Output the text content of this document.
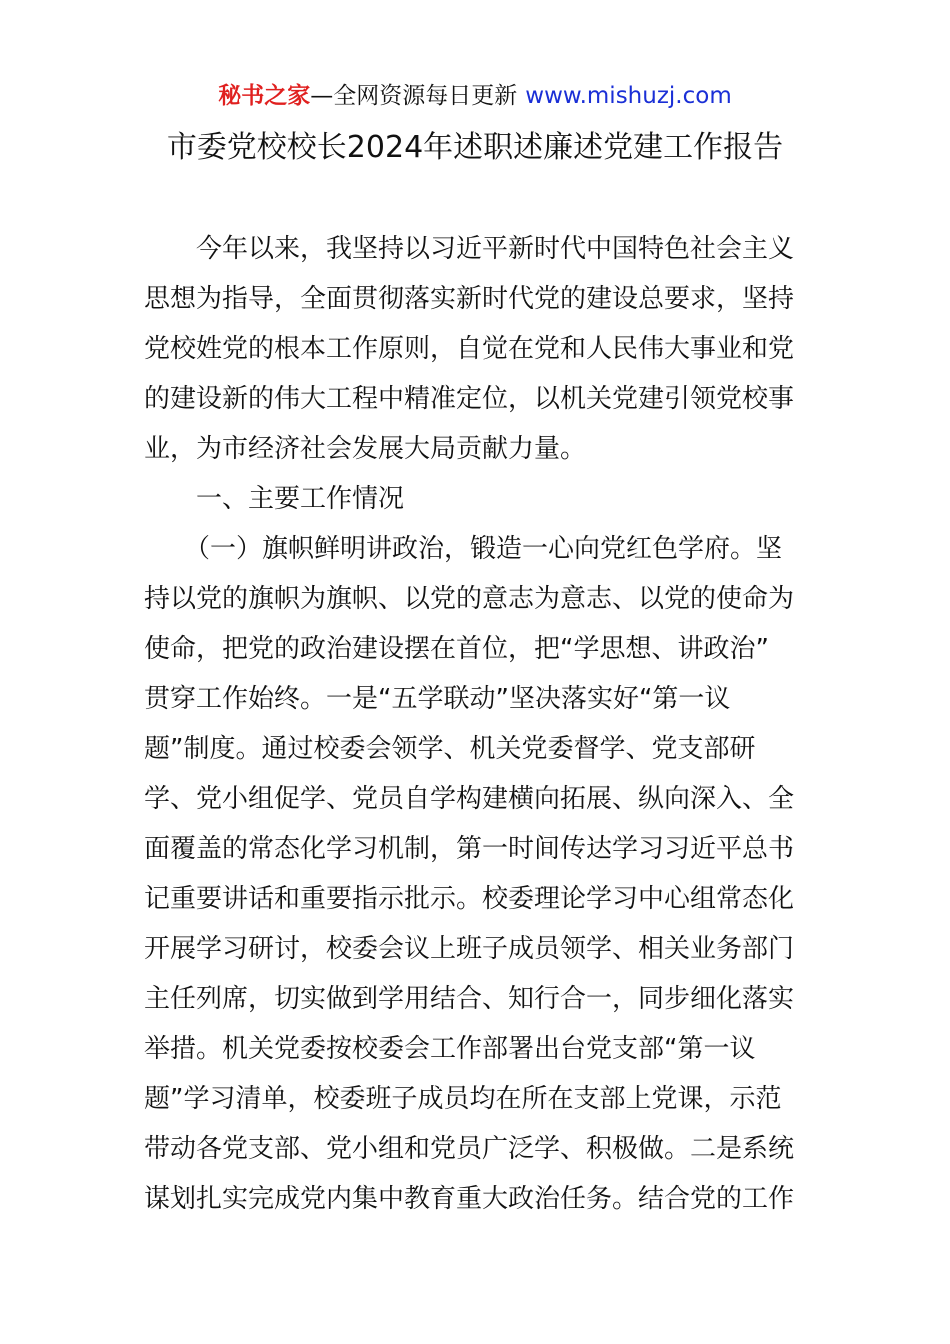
秘书之家—全网资源每日更新 www.mishuzj.com
市委党校校长2024年述职述廉述党建工作报告
今年以来，我坚持以习近平新时代中国特色社会主义
思想为指导，全面贯彻落实新时代党的建设总要求，坚持
党校姓党的根本工作原则，自觉在党和人民伟大事业和党
的建设新的伟大工程中精准定位，以机关党建引领党校事
业，为市经济社会发展大局贡献力量。
一、主要工作情况
（一）旗帜鲜明讲政治，锻造一心向党红色学府。坚
持以党的旗帜为旗帜、以党的意志为意志、以党的使命为
使命，把党的政治建设摆在首位，把“学思想、讲政治”
贯穿工作始终。一是“五学联动”坚决落实好“第一议
题”制度。通过校委会领学、机关党委督学、党支部研
学、党小组促学、党员自学构建横向拓展、纵向深入、全
面覆盖的常态化学习机制，第一时间传达学习习近平总书
记重要讲话和重要指示批示。校委理论学习中心组常态化
开展学习研讨，校委会议上班子成员领学、相关业务部门
主任列席，切实做到学用结合、知行合一，同步细化落实
举措。机关党委按校委会工作部署出台党支部“第一议
题”学习清单，校委班子成员均在所在支部上党课，示范
带动各党支部、党小组和党员广泛学、积极做。二是系统
谋划扎实完成党内集中教育重大政治任务。结合党的工作
